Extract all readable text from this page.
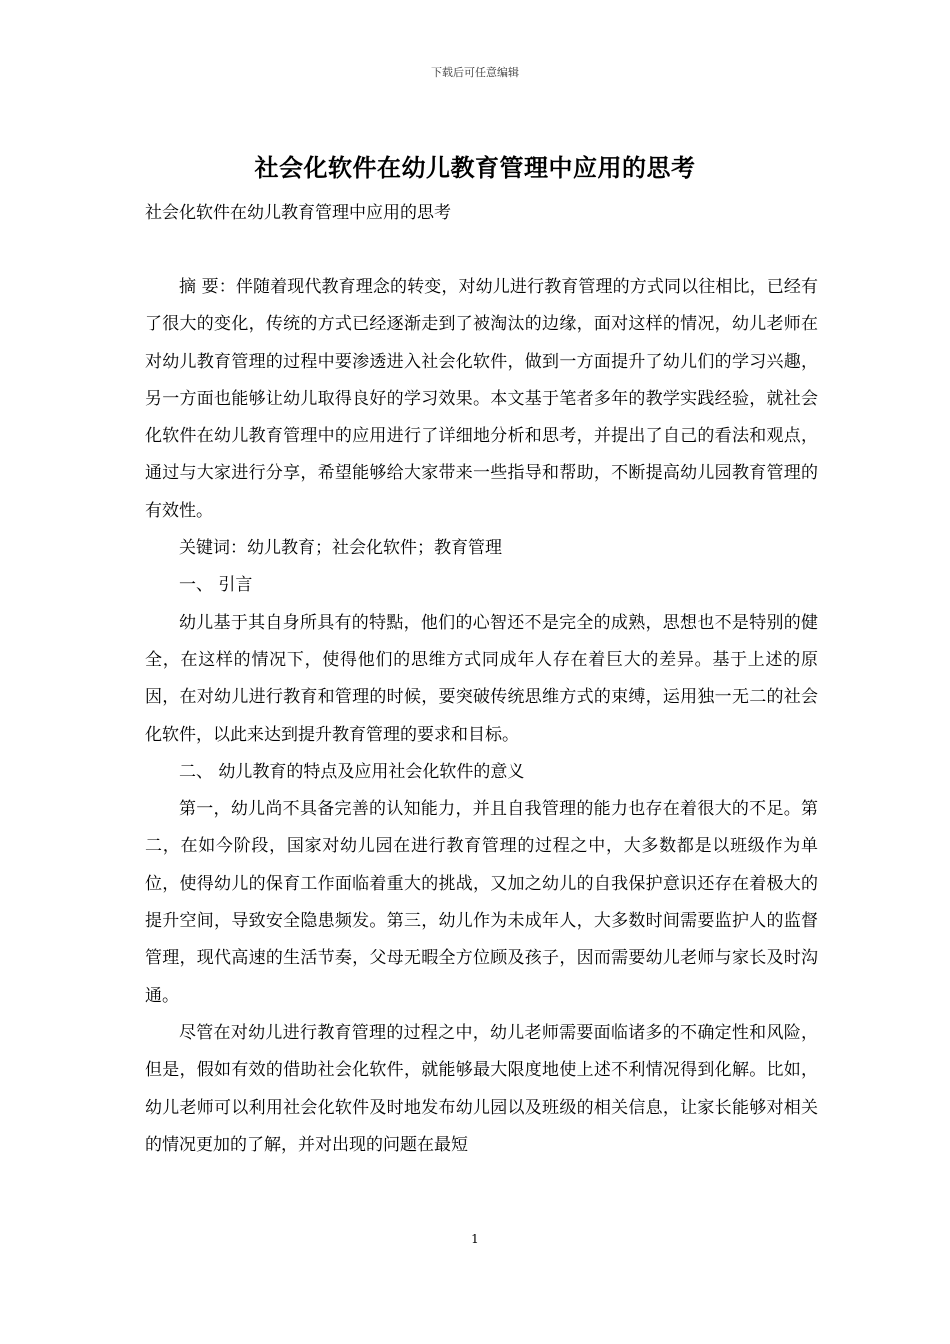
下载后可任意编辑
社会化软件在幼儿教育管理中应用的思考
社会化软件在幼儿教育管理中应用的思考

摘 要：伴随着现代教育理念的转变，对幼儿进行教育管理的方式同以往相比，已经有了很大的变化，传统的方式已经逐渐走到了被淘汰的边缘，面对这样的情况，幼儿老师在对幼儿教育管理的过程中要渗透进入社会化软件，做到一方面提升了幼儿们的学习兴趣，另一方面也能够让幼儿取得良好的学习效果。本文基于笔者多年的教学实践经验，就社会化软件在幼儿教育管理中的应用进行了详细地分析和思考，并提出了自己的看法和观点，通过与大家进行分享，希望能够给大家带来一些指导和帮助，不断提高幼儿园教育管理的有效性。

关键词：幼儿教育；社会化软件；教育管理

一、 引言

幼儿基于其自身所具有的特點，他们的心智还不是完全的成熟，思想也不是特别的健全，在这样的情况下，使得他们的思维方式同成年人存在着巨大的差异。基于上述的原因，在对幼儿进行教育和管理的时候，要突破传统思维方式的束缚，运用独一无二的社会化软件，以此来达到提升教育管理的要求和目标。

二、 幼儿教育的特点及应用社会化软件的意义

第一，幼儿尚不具备完善的认知能力，并且自我管理的能力也存在着很大的不足。第二，在如今阶段，国家对幼儿园在进行教育管理的过程之中，大多数都是以班级作为单位，使得幼儿的保育工作面临着重大的挑战，又加之幼儿的自我保护意识还存在着极大的提升空间，导致安全隐患频发。第三，幼儿作为未成年人，大多数时间需要监护人的监督管理，现代高速的生活节奏，父母无暇全方位顾及孩子，因而需要幼儿老师与家长及时沟通。

尽管在对幼儿进行教育管理的过程之中，幼儿老师需要面临诸多的不确定性和风险，但是，假如有效的借助社会化软件，就能够最大限度地使上述不利情况得到化解。比如，幼儿老师可以利用社会化软件及时地发布幼儿园以及班级的相关信息，让家长能够对相关的情况更加的了解，并对出现的问题在最短

1
